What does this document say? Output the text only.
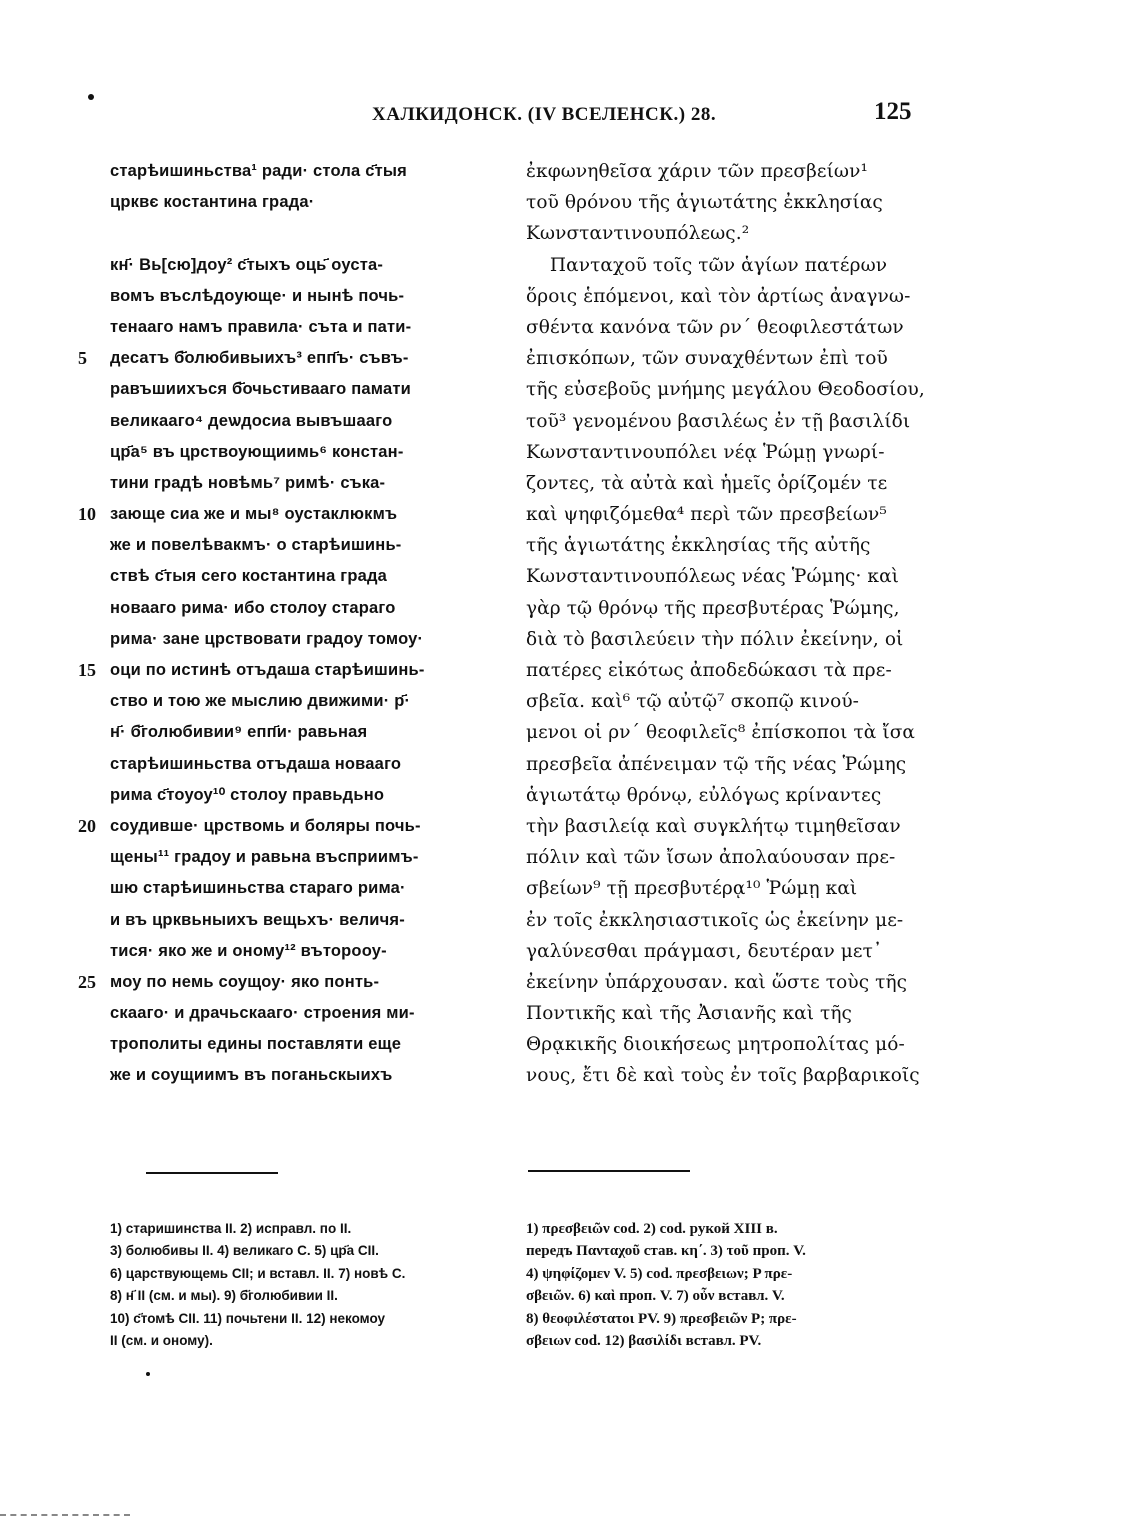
ХАЛКИДОНСК. (IV ВСЕЛЕНСК.) 28.	125
старѣишиньства¹ ради· стола с҃тыя
црквє костантина града·
кн҃· Вь[сю]доу² с҃тыхъ оць҃ оуста-
вомъ въслѣдоующе· и нынѣ почь-
тенааго намъ правила· съта и пати-
десатъ б҃олюбивыихъ³ епп҃ъ· съвъ-
равъшиихъся б҃очьстивааго памати
великааго⁴ деѡдосиа вывъшааго
цр҃а⁵ въ црствоующиимь⁶ констан-
тини градѣ новѣмь⁷ римѣ· съка-
зающе сиа же и мы⁸ оустаклюкмъ
же и повелѣвакмъ· о старѣишинь-
ствѣ с҃тыя сего костантина града
новааго рима· ибо столоу стараго
рима· зане црствовати градоу томоу·
оци по истинѣ отъдаша старѣишинь-
ство и тою же мыслию движими· р҃·
н҃· б҃голюбивии⁹ епп҃и· равьная
старѣишиньства отъдаша новааго
рима с҃тоуоу¹⁰ столоу правьдьно
соудивше· црствомь и боляры почь-
щены¹¹ градоу и равьна въсприимъ-
шю старѣишиньства стараго рима·
и въ црквьныихъ вещьхъ· величя-
тися· яко же и оному¹² въторооу-
моу по немь соущоу· яко понть-
скааго· и драчьскааго· строения ми-
трополиты едины поставляти еще
же и соущиимъ въ поганьскыихъ
5
10
15
20
25
ἐκφωνηθεῖσα χάριν τῶν πρεσβείων¹
τοῦ θρόνου τῆς ἁγιωτάτης ἐκκλησίας
Κωνσταντινουπόλεως.²
Πανταχοῦ τοῖς τῶν ἁγίων πατέρων
ὅροις ἑπόμενοι, καὶ τὸν ἀρτίως ἀναγνω-
σθέντα κανόνα τῶν ρν΄ θεοφιλεστάτων
ἐπισκόπων, τῶν συναχθέντων ἐπὶ τοῦ
τῆς εὐσεβοῦς μνήμης μεγάλου Θεοδοσίου,
τοῦ³ γενομένου βασιλέως ἐν τῇ βασιλίδι
Κωνσταντινουπόλει νέᾳ Ῥώμῃ γνωρί-
ζοντες, τὰ αὐτὰ καὶ ἡμεῖς ὁρίζομέν τε
καὶ ψηφιζόμεθα⁴ περὶ τῶν πρεσβείων⁵
τῆς ἁγιωτάτης ἐκκλησίας τῆς αὐτῆς
Κωνσταντινουπόλεως νέας Ῥώμης· καὶ
γὰρ τῷ θρόνῳ τῆς πρεσβυτέρας Ῥώμης,
διὰ τὸ βασιλεύειν τὴν πόλιν ἐκείνην, οἱ
πατέρες εἰκότως ἀποδεδώκασι τὰ πρε-
σβεῖα. καὶ⁶ τῷ αὐτῷ⁷ σκοπῷ κινού-
μενοι οἱ ρν΄ θεοφιλεῖς⁸ ἐπίσκοποι τὰ ἴσα
πρεσβεῖα ἀπένειμαν τῷ τῆς νέας Ῥώμης
ἁγιωτάτῳ θρόνῳ, εὐλόγως κρίναντες
τὴν βασιλείᾳ καὶ συγκλήτῳ τιμηθεῖσαν
πόλιν καὶ τῶν ἴσων ἀπολαύουσαν πρε-
σβείων⁹ τῇ πρεσβυτέρᾳ¹⁰ Ῥώμῃ καὶ
ἐν τοῖς ἐκκλησιαστικοῖς ὡς ἐκείνην με-
γαλύνεσθαι πράγμασι, δευτέραν μετ᾽
ἐκείνην ὑπάρχουσαν. καὶ ὥστε τοὺς τῆς
Ποντικῆς καὶ τῆς Ἀσιανῆς καὶ τῆς
Θρᾳκικῆς διοικήσεως μητροπολίτας μό-
νους, ἔτι δὲ καὶ τοὺς ἐν τοῖς βαρβαρικοῖς
1) старишинства II. 2) исправл. по II.
3) болюбивы II. 4) великаго C. 5) цр҃а СII.
6) царствующемь СII; и вставл. II. 7) новѣ С.
8) н҃ II (см. и мы). 9) б҃голюбивии II.
10) с҃томѣ СII. 11) почьтени II. 12) некомоу
II (см. и оному).
1) πρεσβειῶν cod. 2) cod. рукой XIII в.
передъ Πανταχοῦ став. κη΄. 3) τοῦ проп. V.
4) ψηφίζομεν V. 5) cod. πρεσβειων; P πρε-
σβειῶν. 6) καὶ проп. V. 7) οὖν вставл. V.
8) θεοφιλέστατοι PV. 9) πρεσβειῶν P; πρε-
σβειων cod. 12) βασιλίδι вставл. PV.
